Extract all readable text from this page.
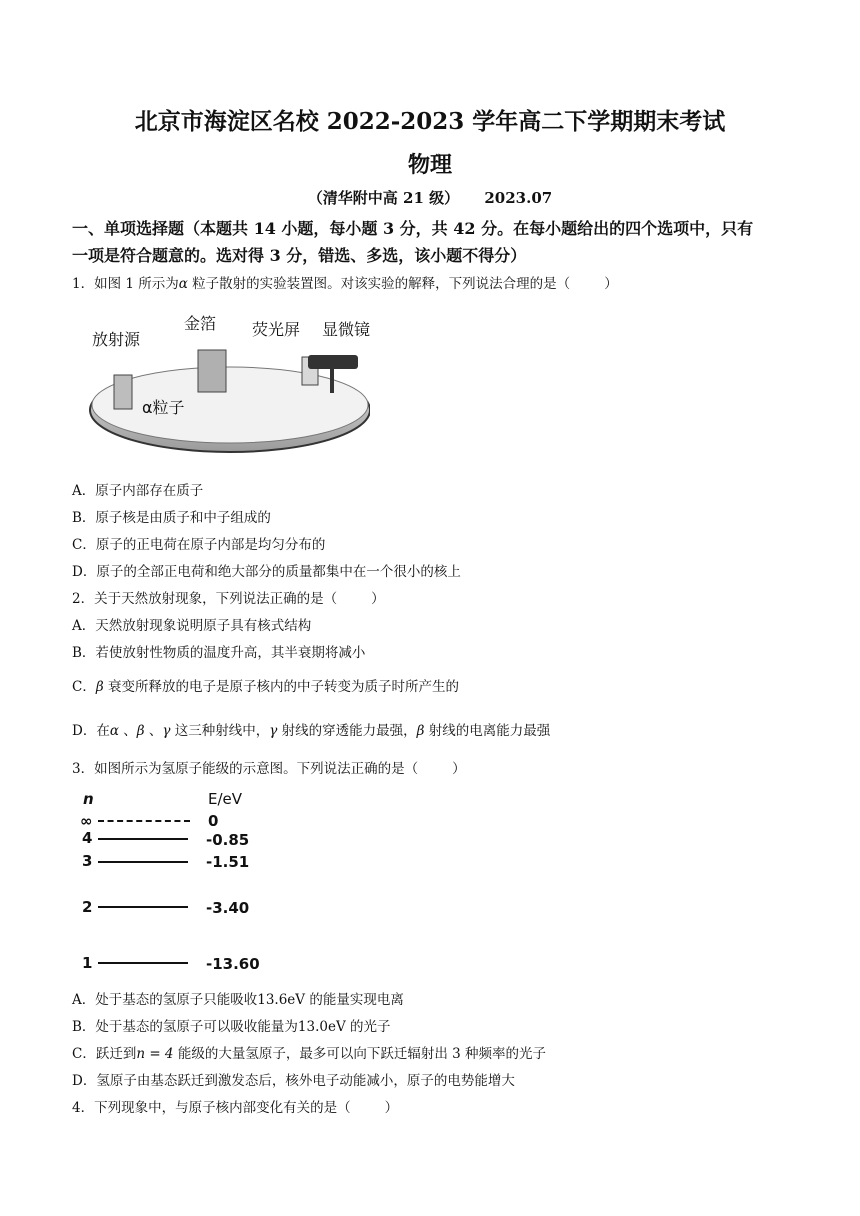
北京市海淀区名校 2022-2023 学年高二下学期期末考试
物理
（清华附中高 21 级） 2023.07
一、单项选择题（本题共 14 小题，每小题 3 分，共 42 分。在每小题给出的四个选项中，只有
一项是符合题意的。选对得 3 分，错选、多选，该小题不得分）
1．如图 1 所示为α 粒子散射的实验装置图。对该实验的解释，下列说法合理的是（	）
放射源
金箔 荧光屏 显微镜
α粒子
A．原子内部存在质子
B．原子核是由质子和中子组成的
C．原子的正电荷在原子内部是均匀分布的
D．原子的全部正电荷和绝大部分的质量都集中在一个很小的核上
2．关于天然放射现象，下列说法正确的是（	）
A．天然放射现象说明原子具有核式结构
B．若使放射性物质的温度升高，其半衰期将减小
C．β 衰变所释放的电子是原子核内的中子转变为质子时所产生的
D．在α 、β 、γ 这三种射线中，γ 射线的穿透能力最强，β 射线的电离能力最强
3．如图所示为氢原子能级的示意图。下列说法正确的是（	）
n	E/eV
∞	0
4	-0.85
3	-1.51
2	-3.40
1	-13.60
A．处于基态的氢原子只能吸收13.6eV 的能量实现电离
B．处于基态的氢原子可以吸收能量为13.0eV 的光子
C．跃迁到n = 4 能级的大量氢原子，最多可以向下跃迁辐射出 3 种频率的光子
D．氢原子由基态跃迁到激发态后，核外电子动能减小，原子的电势能增大
4．下列现象中，与原子核内部变化有关的是（	）
